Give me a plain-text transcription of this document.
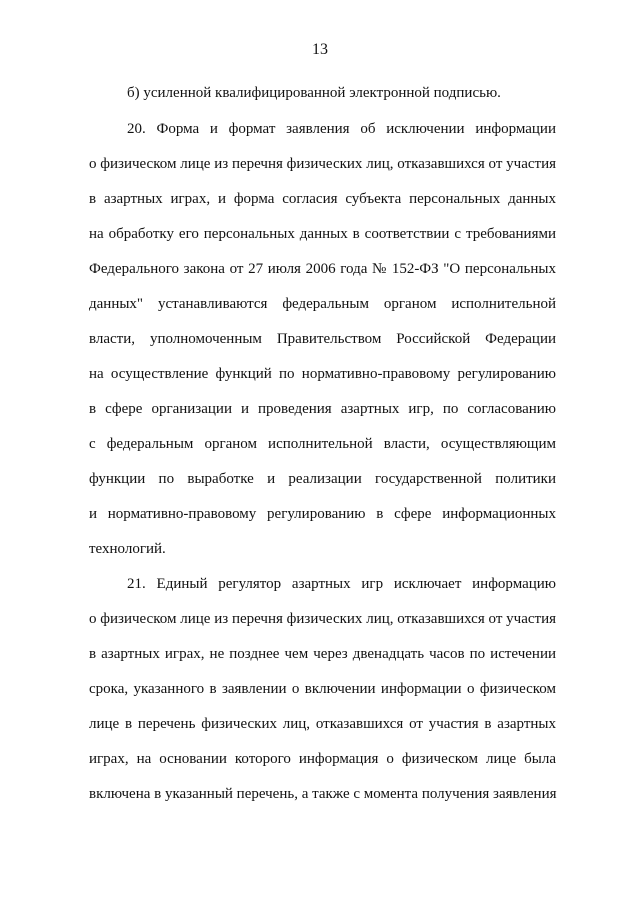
13
б) усиленной квалифицированной электронной подписью.
20. Форма и формат заявления об исключении информации
о физическом лице из перечня физических лиц, отказавшихся от участия
в азартных играх, и форма согласия субъекта персональных данных
на обработку его персональных данных в соответствии с требованиями
Федерального закона от 27 июля 2006 года № 152-ФЗ "О персональных
данных" устанавливаются федеральным органом исполнительной
власти, уполномоченным Правительством Российской Федерации
на осуществление функций по нормативно-правовому регулированию
в сфере организации и проведения азартных игр, по согласованию
с федеральным органом исполнительной власти, осуществляющим
функции по выработке и реализации государственной политики
и нормативно-правовому регулированию в сфере информационных
технологий.
21. Единый регулятор азартных игр исключает информацию
о физическом лице из перечня физических лиц, отказавшихся от участия
в азартных играх, не позднее чем через двенадцать часов по истечении
срока, указанного в заявлении о включении информации о физическом
лице в перечень физических лиц, отказавшихся от участия в азартных
играх, на основании которого информация о физическом лице была
включена в указанный перечень, а также с момента получения заявления
